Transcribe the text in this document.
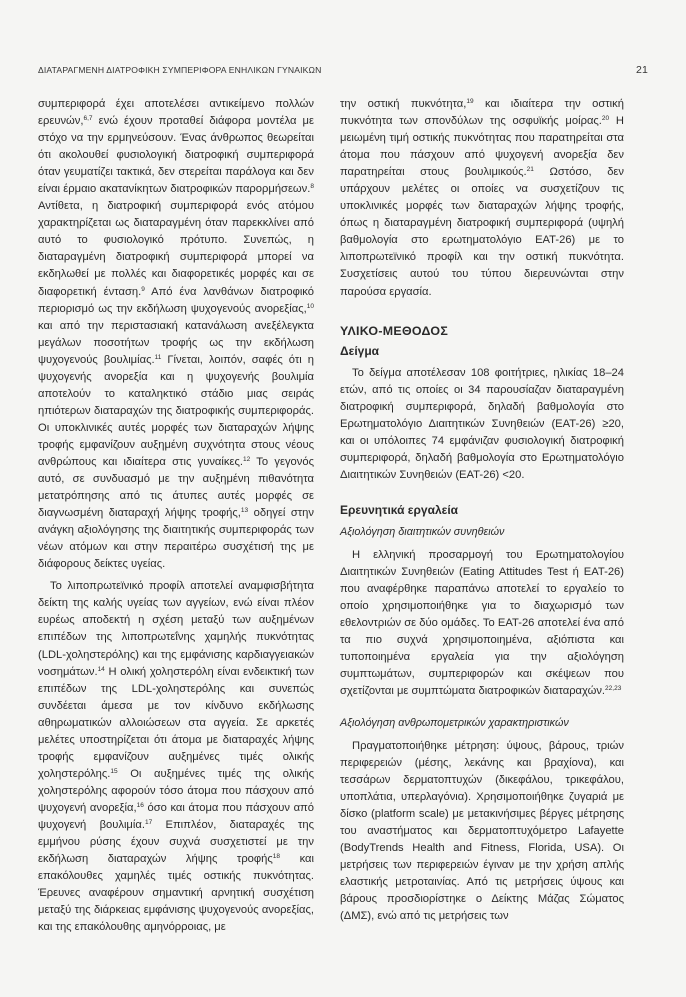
ΔΙΑΤΑΡΑΓΜΕΝΗ ΔΙΑΤΡΟΦΙΚΗ ΣΥΜΠΕΡΙΦΟΡΑ ΕΝΗΛΙΚΩΝ ΓΥΝΑΙΚΩΝ	21

συμπεριφορά έχει αποτελέσει αντικείμενο πολλών ερευνών,$^{6,7}$ ενώ έχουν προταθεί διάφορα μοντέλα με στόχο να την ερμηνεύσουν. Ένας άνθρωπος θεωρείται ότι ακολουθεί φυσιολογική διατροφική συμπεριφορά όταν γευματίζει τακτικά, δεν στερείται παράλογα και δεν είναι έρμαιο ακατανίκητων διατροφικών παρορμήσεων.$^8$ Αντίθετα, η διατροφική συμπεριφορά ενός ατόμου χαρακτηρίζεται ως διαταραγμένη όταν παρεκκλίνει από αυτό το φυσιολογικό πρότυπο. Συνεπώς, η διαταραγμένη διατροφική συμπεριφορά μπορεί να εκδηλωθεί με πολλές και διαφορετικές μορφές και σε διαφορετική ένταση.$^9$ Από ένα λανθάνων διατροφικό περιορισμό ως την εκδήλωση ψυχογενούς ανορεξίας,$^{10}$ και από την περιστασιακή κατανάλωση ανεξέλεγκτα μεγάλων ποσοτήτων τροφής ως την εκδήλωση ψυχογενούς βουλιμίας.$^{11}$ Γίνεται, λοιπόν, σαφές ότι η ψυχογενής ανορεξία και η ψυχογενής βουλιμία αποτελούν το καταληκτικό στάδιο μιας σειράς ηπιότερων διαταραχών της διατροφικής συμπεριφοράς. Οι υποκλινικές αυτές μορφές των διαταραχών λήψης τροφής εμφανίζουν αυξημένη συχνότητα στους νέους ανθρώπους και ιδιαίτερα στις γυναίκες.$^{12}$ Το γεγονός αυτό, σε συνδυασμό με την αυξημένη πιθανότητα μετατρόπησης από τις άτυπες αυτές μορφές σε διαγνωσμένη διαταραχή λήψης τροφής,$^{13}$ οδηγεί στην ανάγκη αξιολόγησης της διαιτητικής συμπεριφοράς των νέων ατόμων και στην περαιτέρω συσχέτισή της με διάφορους δείκτες υγείας.

Το λιποπρωτεϊνικό προφίλ αποτελεί αναμφισβήτητα δείκτη της καλής υγείας των αγγείων, ενώ είναι πλέον ευρέως αποδεκτή η σχέση μεταξύ των αυξημένων επιπέδων της λιποπρωτεΐνης χαμηλής πυκνότητας (LDL-χοληστερόλης) και της εμφάνισης καρδιαγγειακών νοσημάτων.$^{14}$ Η ολική χοληστερόλη είναι ενδεικτική των επιπέδων της LDL-χοληστερόλης και συνεπώς συνδέεται άμεσα με τον κίνδυνο εκδήλωσης αθηρωματικών αλλοιώσεων στα αγγεία. Σε αρκετές μελέτες υποστηρίζεται ότι άτομα με διαταραχές λήψης τροφής εμφανίζουν αυξημένες τιμές ολικής χοληστερόλης.$^{15}$ Οι αυξημένες τιμές της ολικής χοληστερόλης αφορούν τόσο άτομα που πάσχουν από ψυχογενή ανορεξία,$^{16}$ όσο και άτομα που πάσχουν από ψυχογενή βουλιμία.$^{17}$ Επιπλέον, διαταραχές της εμμήνου ρύσης έχουν συχνά συσχετιστεί με την εκδήλωση διαταραχών λήψης τροφής$^{18}$ και επακόλουθες χαμηλές τιμές οστικής πυκνότητας. Έρευνες αναφέρουν σημαντική αρνητική συσχέτιση μεταξύ της διάρκειας εμφάνισης ψυχογενούς ανορεξίας, και της επακόλουθης αμηνόρροιας, με

την οστική πυκνότητα,$^{19}$ και ιδιαίτερα την οστική πυκνότητα των σπονδύλων της οσφυϊκής μοίρας.$^{20}$ Η μειωμένη τιμή οστικής πυκνότητας που παρατηρείται στα άτομα που πάσχουν από ψυχογενή ανορεξία δεν παρατηρείται στους βουλιμικούς.$^{21}$ Ωστόσο, δεν υπάρχουν μελέτες οι οποίες να συσχετίζουν τις υποκλινικές μορφές των διαταραχών λήψης τροφής, όπως η διαταραγμένη διατροφική συμπεριφορά (υψηλή βαθμολογία στο ερωτηματολόγιο EAT-26) με το λιποπρωτεϊνικό προφίλ και την οστική πυκνότητα. Συσχετίσεις αυτού του τύπου διερευνώνται στην παρούσα εργασία.

ΥΛΙΚΟ-ΜΕΘΟΔΟΣ
Δείγμα

Το δείγμα αποτέλεσαν 108 φοιτήτριες, ηλικίας 18–24 ετών, από τις οποίες οι 34 παρουσίαζαν διαταραγμένη διατροφική συμπεριφορά, δηλαδή βαθμολογία στο Ερωτηματολόγιο Διαιτητικών Συνηθειών (EAT-26) ≥20, και οι υπόλοιπες 74 εμφάνιζαν φυσιολογική διατροφική συμπεριφορά, δηλαδή βαθμολογία στο Ερωτηματολόγιο Διαιτητικών Συνηθειών (EAT-26) <20.

Ερευνητικά εργαλεία
Αξιολόγηση διαιτητικών συνηθειών

Η ελληνική προσαρμογή του Ερωτηματολογίου Διαιτητικών Συνηθειών (Eating Attitudes Test ή EAT-26) που αναφέρθηκε παραπάνω αποτελεί το εργαλείο το οποίο χρησιμοποιήθηκε για το διαχωρισμό των εθελοντριών σε δύο ομάδες. Το EAT-26 αποτελεί ένα από τα πιο συχνά χρησιμοποιημένα, αξιόπιστα και τυποποιημένα εργαλεία για την αξιολόγηση συμπτωμάτων, συμπεριφορών και σκέψεων που σχετίζονται με συμπτώματα διατροφικών διαταραχών.$^{22,23}$

Αξιολόγηση ανθρωπομετρικών χαρακτηριστικών

Πραγματοποιήθηκε μέτρηση: ύψους, βάρους, τριών περιφερειών (μέσης, λεκάνης και βραχίονα), και τεσσάρων δερματοπτυχών (δικεφάλου, τρικεφάλου, υποπλάτια, υπερλαγόνια). Χρησιμοποιήθηκε ζυγαριά με δίσκο (platform scale) με μετακινήσιμες βέργες μέτρησης του αναστήματος και δερματοπτυχόμετρο Lafayette (BodyTrends Health and Fitness, Florida, USA). Οι μετρήσεις των περιφερειών έγιναν με την χρήση απλής ελαστικής μετροταινίας. Από τις μετρήσεις ύψους και βάρους προσδιορίστηκε ο Δείκτης Μάζας Σώματος (ΔΜΣ), ενώ από τις μετρήσεις των
